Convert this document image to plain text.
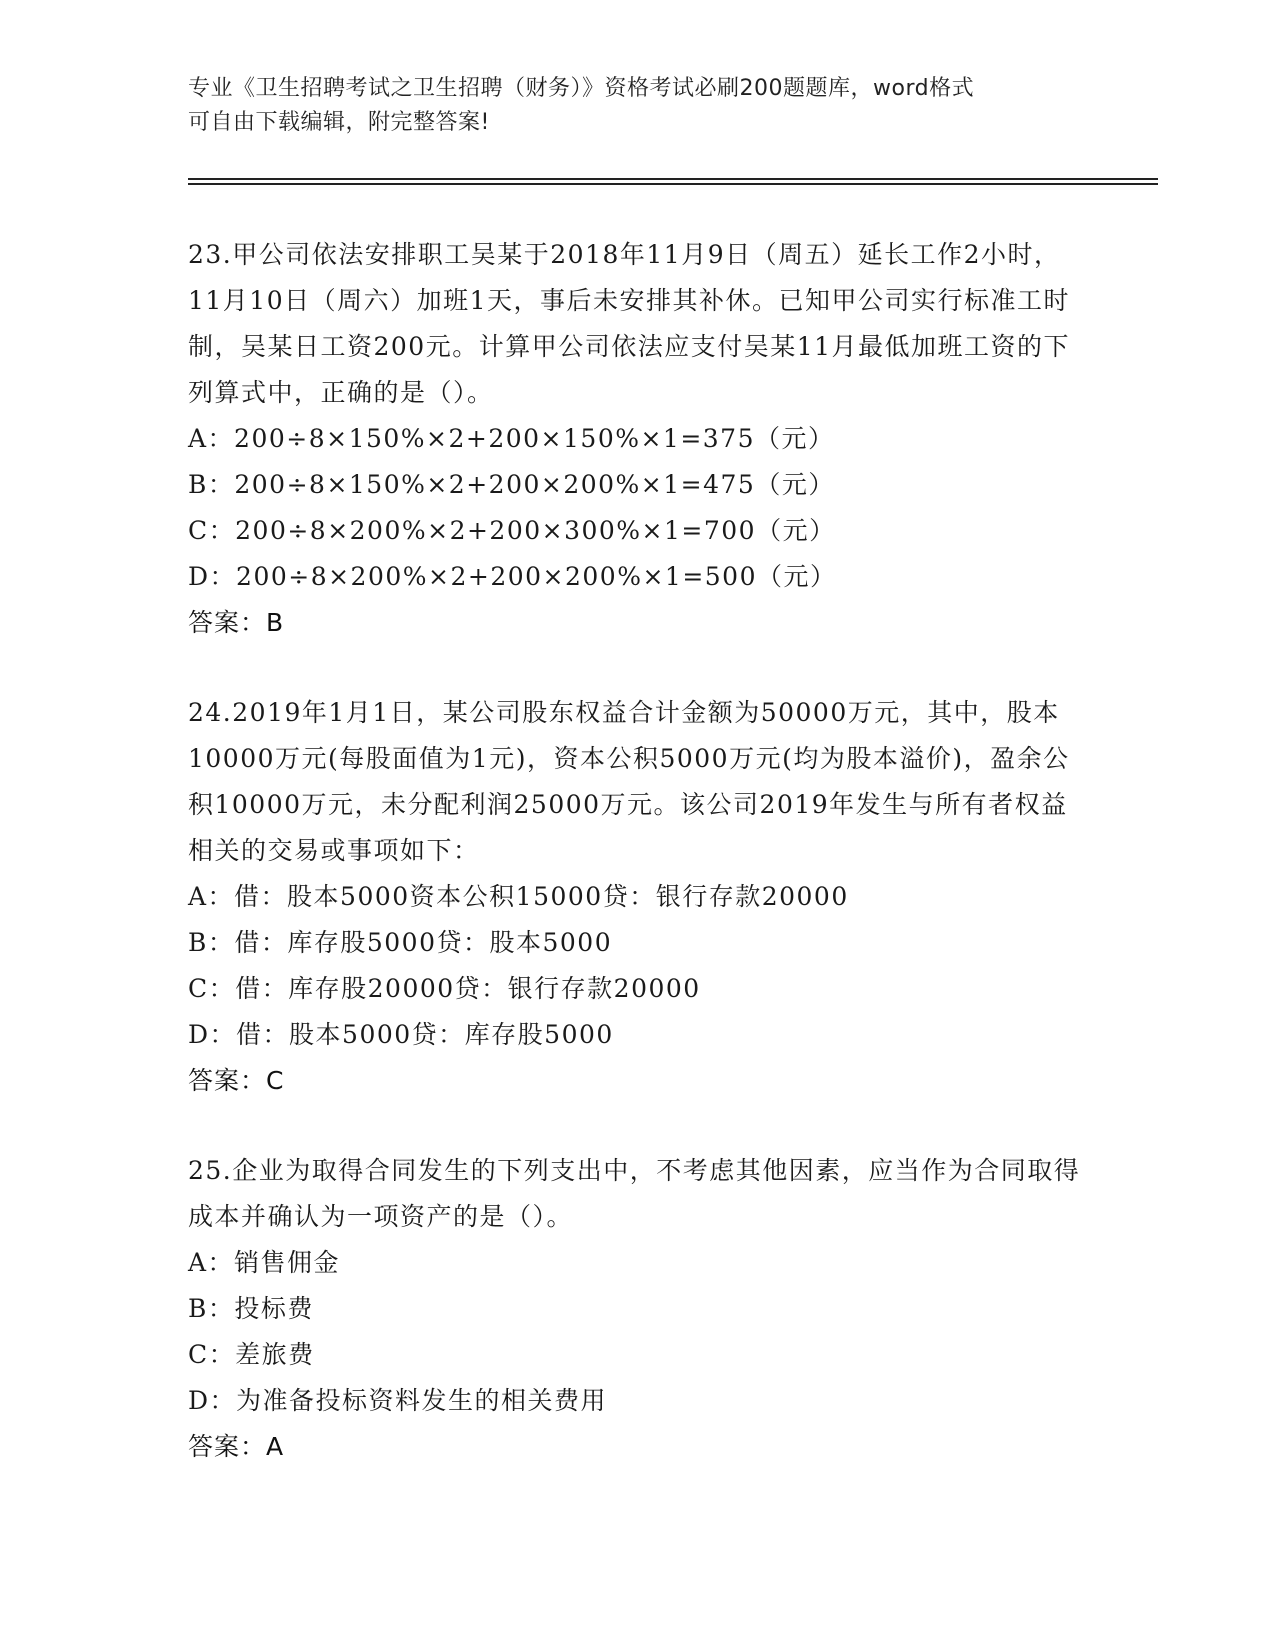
专业《卫生招聘考试之卫生招聘（财务）》资格考试必刷200题题库，word格式
可自由下载编辑，附完整答案!

23.甲公司依法安排职工吴某于2018年11月9日（周五）延长工作2小时，11月10日（周六）加班1天，事后未安排其补休。已知甲公司实行标准工时制，吴某日工资200元。计算甲公司依法应支付吴某11月最低加班工资的下列算式中，正确的是（）。

A：200÷8×150%×2+200×150%×1=375（元）
B：200÷8×150%×2+200×200%×1=475（元）
C：200÷8×200%×2+200×300%×1=700（元）
D：200÷8×200%×2+200×200%×1=500（元）
答案：B

24.2019年1月1日，某公司股东权益合计金额为50000万元，其中，股本10000万元(每股面值为1元)，资本公积5000万元(均为股本溢价)，盈余公积10000万元，未分配利润25000万元。该公司2019年发生与所有者权益相关的交易或事项如下：

A：借：股本5000资本公积15000贷：银行存款20000
B：借：库存股5000贷：股本5000
C：借：库存股20000贷：银行存款20000
D：借：股本5000贷：库存股5000
答案：C

25.企业为取得合同发生的下列支出中，不考虑其他因素，应当作为合同取得成本并确认为一项资产的是（）。

A：销售佣金
B：投标费
C：差旅费
D：为准备投标资料发生的相关费用
答案：A
